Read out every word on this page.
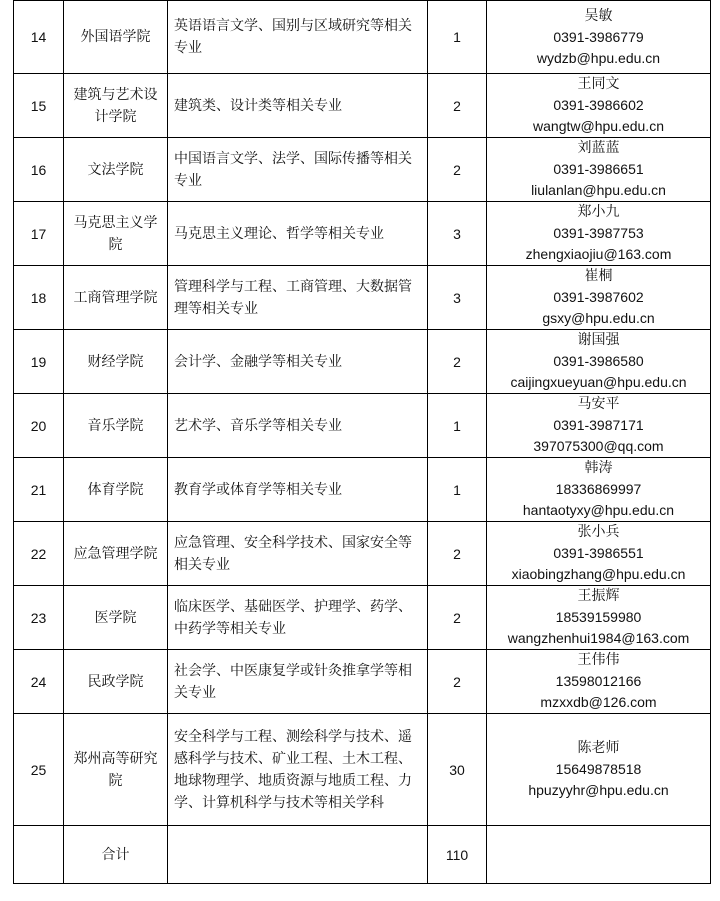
14	外国语学院	英语语言文学、国别与区域研究等相关专业	1	吴敏
0391-3986779
wydzb@hpu.edu.cn

15	建筑与艺术设计学院	建筑类、设计类等相关专业	2	王同文
0391-3986602
wangtw@hpu.edu.cn

16	文法学院	中国语言文学、法学、国际传播等相关专业	2	刘蓝蓝
0391-3986651
liulanlan@hpu.edu.cn

17	马克思主义学院	马克思主义理论、哲学等相关专业	3	郑小九
0391-3987753
zhengxiaojiu@163.com

18	工商管理学院	管理科学与工程、工商管理、大数据管理等相关专业	3	崔桐
0391-3987602
gsxy@hpu.edu.cn

19	财经学院	会计学、金融学等相关专业	2	谢国强
0391-3986580
caijingxueyuan@hpu.edu.cn

20	音乐学院	艺术学、音乐学等相关专业	1	马安平
0391-3987171
397075300@qq.com

21	体育学院	教育学或体育学等相关专业	1	韩涛
18336869997
hantaotyxy@hpu.edu.cn

22	应急管理学院	应急管理、安全科学技术、国家安全等相关专业	2	张小兵
0391-3986551
xiaobingzhang@hpu.edu.cn

23	医学院	临床医学、基础医学、护理学、药学、中药学等相关专业	2	王振辉
18539159980
wangzhenhui1984@163.com

24	民政学院	社会学、中医康复学或针灸推拿学等相关专业	2	王伟伟
13598012166
mzxxdb@126.com

25	郑州高等研究院	安全科学与工程、测绘科学与技术、遥感科学与技术、矿业工程、土木工程、地球物理学、地质资源与地质工程、力学、计算机科学与技术等相关学科	30	陈老师
15649878518
hpuzyyhr@hpu.edu.cn

	合计		110	
